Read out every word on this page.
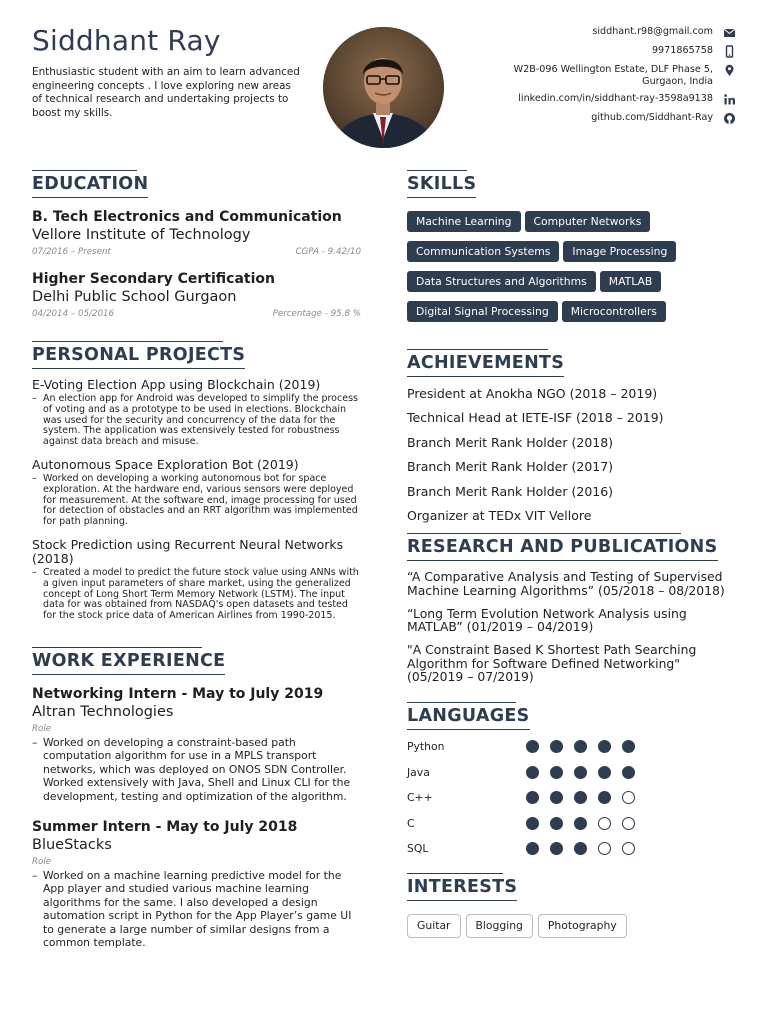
Siddhant Ray
Enthusiastic student with an aim to learn advanced engineering concepts . I love exploring new areas of technical research and undertaking projects to boost my skills.
siddhant.r98@gmail.com
9971865758
W2B-096 Wellington Estate, DLF Phase 5, Gurgaon, India
linkedin.com/in/siddhant-ray-3598a9138
github.com/Siddhant-Ray
EDUCATION
B. Tech Electronics and Communication
Vellore Institute of Technology
07/2016 – Present	CGPA - 9.42/10
Higher Secondary Certification
Delhi Public School Gurgaon
04/2014 – 05/2016	Percentage - 95.8 %
PERSONAL PROJECTS
E-Voting Election App using Blockchain (2019)
– An election app for Android was developed to simplify the process of voting and as a prototype to be used in elections. Blockchain was used for the security and concurrency of the data for the system. The application was extensively tested for robustness against data breach and misuse.
Autonomous Space Exploration Bot (2019)
– Worked on developing a working autonomous bot for space exploration. At the hardware end, various sensors were deployed for measurement. At the software end, image processing for used for detection of obstacles and an RRT algorithm was implemented for path planning.
Stock Prediction using Recurrent Neural Networks (2018)
– Created a model to predict the future stock value using ANNs with a given input parameters of share market, using the generalized concept of Long Short Term Memory Network (LSTM). The input data for was obtained from NASDAQ's open datasets and tested for the stock price data of American Airlines from 1990-2015.
WORK EXPERIENCE
Networking Intern - May to July 2019
Altran Technologies
Role
– Worked on developing a constraint-based path computation algorithm for use in a MPLS transport networks, which was deployed on ONOS SDN Controller. Worked extensively with Java, Shell and Linux CLI for the development, testing and optimization of the algorithm.
Summer Intern - May to July 2018
BlueStacks
Role
– Worked on a machine learning predictive model for the App player and studied various machine learning algorithms for the same. I also developed a design automation script in Python for the App Player’s game UI to generate a large number of similar designs from a common template.
SKILLS
Machine Learning Computer Networks
Communication Systems Image Processing
Data Structures and Algorithms MATLAB
Digital Signal Processing Microcontrollers
ACHIEVEMENTS
President at Anokha NGO (2018 – 2019)
Technical Head at IETE-ISF (2018 – 2019)
Branch Merit Rank Holder (2018)
Branch Merit Rank Holder (2017)
Branch Merit Rank Holder (2016)
Organizer at TEDx VIT Vellore
RESEARCH AND PUBLICATIONS
“A Comparative Analysis and Testing of Supervised Machine Learning Algorithms” (05/2018 – 08/2018)
“Long Term Evolution Network Analysis using MATLAB” (01/2019 – 04/2019)
"A Constraint Based K Shortest Path Searching Algorithm for Software Defined Networking" (05/2019 – 07/2019)
LANGUAGES
Python
Java
C++
C
SQL
INTERESTS
Guitar Blogging Photography
